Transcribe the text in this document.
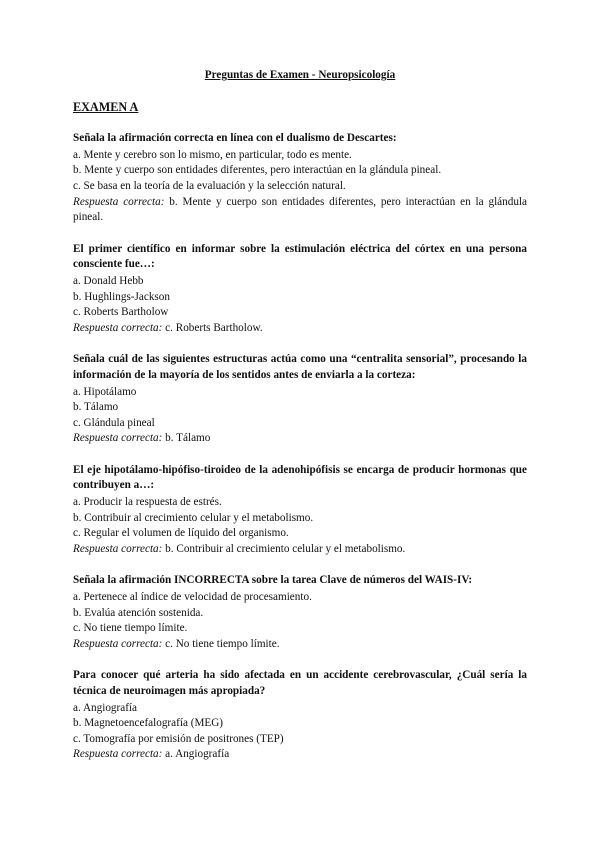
Preguntas de Examen - Neuropsicología
EXAMEN A
Señala la afirmación correcta en línea con el dualismo de Descartes:
a. Mente y cerebro son lo mismo, en particular, todo es mente.
b. Mente y cuerpo son entidades diferentes, pero interactúan en la glándula pineal.
c. Se basa en la teoría de la evaluación y la selección natural.
Respuesta correcta: b. Mente y cuerpo son entidades diferentes, pero interactúan en la glándula pineal.
El primer científico en informar sobre la estimulación eléctrica del córtex en una persona consciente fue…:
a. Donald Hebb
b. Hughlings-Jackson
c. Roberts Bartholow
Respuesta correcta: c. Roberts Bartholow.
Señala cuál de las siguientes estructuras actúa como una “centralita sensorial”, procesando la información de la mayoría de los sentidos antes de enviarla a la corteza:
a. Hipotálamo
b. Tálamo
c. Glándula pineal
Respuesta correcta: b. Tálamo
El eje hipotálamo-hipófiso-tiroideo de la adenohipófisis se encarga de producir hormonas que contribuyen a…:
a. Producir la respuesta de estrés.
b. Contribuir al crecimiento celular y el metabolismo.
c. Regular el volumen de líquido del organismo.
Respuesta correcta: b. Contribuir al crecimiento celular y el metabolismo.
Señala la afirmación INCORRECTA sobre la tarea Clave de números del WAIS-IV:
a. Pertenece al índice de velocidad de procesamiento.
b. Evalúa atención sostenida.
c. No tiene tiempo límite.
Respuesta correcta: c. No tiene tiempo límite.
Para conocer qué arteria ha sido afectada en un accidente cerebrovascular, ¿Cuál sería la técnica de neuroimagen más apropiada?
a. Angiografía
b. Magnetoencefalografía (MEG)
c. Tomografía por emisión de positrones (TEP)
Respuesta correcta: a. Angiografía
